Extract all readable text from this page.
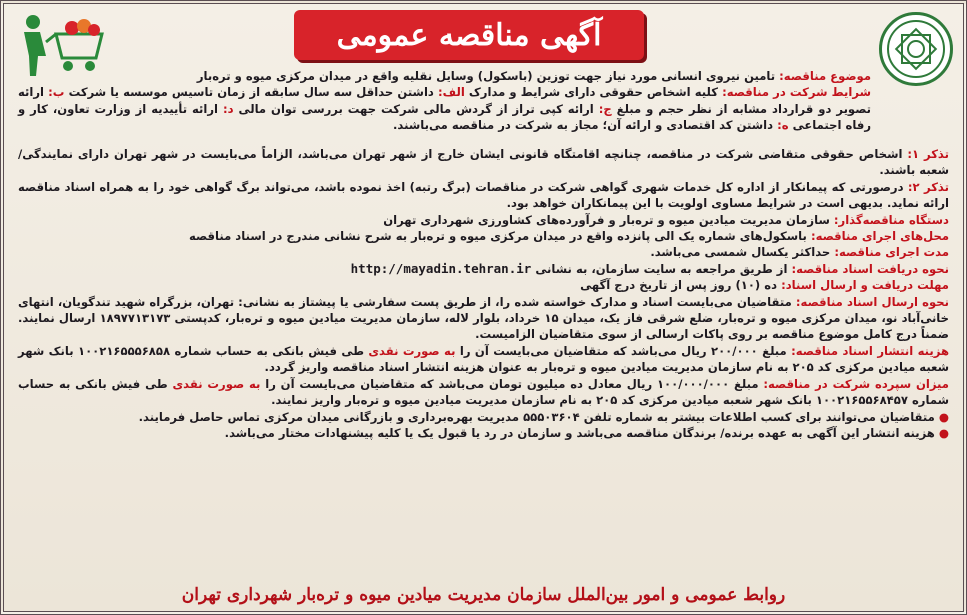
آگهی مناقصه عمومی

موضوع مناقصه: تامین نیروی انسانی مورد نیاز جهت توزین (باسکول) وسایل نقلیه واقع در میدان مرکزی میوه و تره‌بار

شرایط شرکت در مناقصه: کلیه اشخاص حقوقی دارای شرایط و مدارک الف: داشتن حداقل سه سال سابقه از زمان تاسیس موسسه یا شرکت ب: ارائه تصویر دو قرارداد مشابه از نظر حجم و مبلغ ج: ارائه کپی تراز از گردش مالی شرکت جهت بررسی توان مالی د: ارائه تأییدیه از وزارت تعاون، کار و رفاه اجتماعی ه: داشتن کد اقتصادی و ارائه آن؛ مجاز به شرکت در مناقصه می‌باشند.

تذکر ۱: اشخاص حقوقی متقاضی شرکت در مناقصه، چنانچه اقامتگاه قانونی ایشان خارج از شهر تهران می‌باشد، الزاماً می‌بایست در شهر تهران دارای نمایندگی/ شعبه باشند.

تذکر ۲: درصورتی که پیمانکار از اداره کل خدمات شهری گواهی شرکت در مناقصات (برگ رتبه) اخذ نموده باشد، می‌تواند برگ گواهی خود را به همراه اسناد مناقصه ارائه نماید. بدیهی است در شرایط مساوی اولویت با این پیمانکاران خواهد بود.

دستگاه مناقصه‌گذار: سازمان مدیریت میادین میوه و تره‌بار و فرآورده‌های کشاورزی شهرداری تهران

محل‌های اجرای مناقصه: باسکول‌های شماره یک الی پانزده واقع در میدان مرکزی میوه و تره‌بار به شرح نشانی مندرج در اسناد مناقصه

مدت اجرای مناقصه: حداکثر یکسال شمسی می‌باشد.

نحوه دریافت اسناد مناقصه: از طریق مراجعه به سایت سازمان، به نشانی http://mayadin.tehran.ir

مهلت دریافت و ارسال اسناد: ده (۱۰) روز پس از تاریخ درج آگهی

نحوه ارسال اسناد مناقصه: متقاضیان می‌بایست اسناد و مدارک خواسته شده را، از طریق پست سفارشی یا پیشتاز به نشانی: تهران، بزرگراه شهید تندگویان، انتهای خانی‌آباد نو، میدان مرکزی میوه و تره‌بار، ضلع شرقی فاز یک، میدان ۱۵ خرداد، بلوار لاله، سازمان مدیریت میادین میوه و تره‌بار، کدپستی ۱۸۹۷۷۱۳۱۷۳ ارسال نمایند. ضمناً درج کامل موضوع مناقصه بر روی پاکات ارسالی از سوی متقاضیان الزامیست.

هزینه انتشار اسناد مناقصه: مبلغ ۲۰۰/۰۰۰ ریال می‌باشد که متقاضیان می‌بایست آن را به صورت نقدی طی فیش بانکی به حساب شماره ۱۰۰۲۱۶۵۵۵۶۸۵۸ بانک شهر شعبه میادین مرکزی کد ۲۰۵ به نام سازمان مدیریت میادین میوه و تره‌بار به عنوان هزینه انتشار اسناد مناقصه واریز گردد.

میزان سپرده شرکت در مناقصه: مبلغ ۱۰۰/۰۰۰/۰۰۰ ریال معادل ده میلیون تومان می‌باشد که متقاضیان می‌بایست آن را به صورت نقدی طی فیش بانکی به حساب شماره ۱۰۰۲۱۶۵۵۶۸۴۵۷ بانک شهر شعبه میادین مرکزی کد ۲۰۵ به نام سازمان مدیریت میادین میوه و تره‌بار واریز نمایند.

● متقاضیان می‌توانند برای کسب اطلاعات بیشتر به شماره تلفن ۵۵۵۰۳۶۰۴ مدیریت بهره‌برداری و بازرگانی میدان مرکزی تماس حاصل فرمایند.

● هزینه انتشار این آگهی به عهده برنده/ برندگان مناقصه می‌باشد و سازمان در رد یا قبول یک یا کلیه پیشنهادات مختار می‌باشد.

روابط عمومی و امور بین‌الملل سازمان مدیریت میادین میوه و تره‌بار شهرداری تهران
